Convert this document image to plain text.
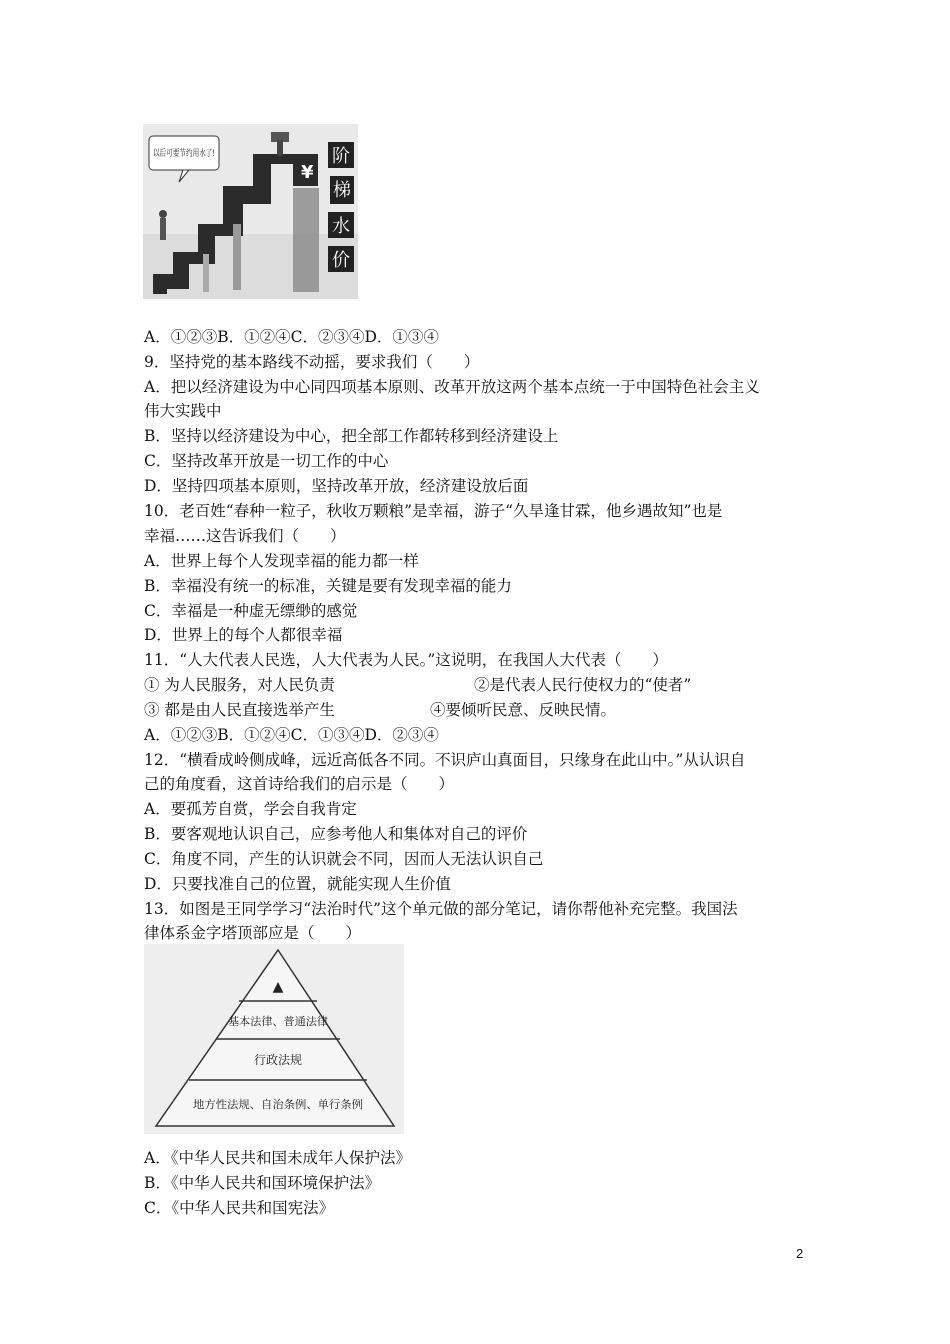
以后可要节约用水了!
¥
阶
梯
水
价
A．①②③B．①②④C．②③④D．①③④
9．坚持党的基本路线不动摇，要求我们（　　）
A．把以经济建设为中心同四项基本原则、改革开放这两个基本点统一于中国特色社会主义
伟大实践中
B．坚持以经济建设为中心，把全部工作都转移到经济建设上
C．坚持改革开放是一切工作的中心
D．坚持四项基本原则，坚持改革开放，经济建设放后面
10．老百姓“春种一粒子，秋收万颗粮”是幸福，游子“久旱逢甘霖，他乡遇故知”也是
幸福……这告诉我们（　　）
A．世界上每个人发现幸福的能力都一样
B．幸福没有统一的标准，关键是要有发现幸福的能力
C．幸福是一种虚无缥缈的感觉
D．世界上的每个人都很幸福
11．“人大代表人民选，人大代表为人民。”这说明，在我国人大代表（　　）
① 为人民服务，对人民负责	②是代表人民行使权力的“使者”
③ 都是由人民直接选举产生	④要倾听民意、反映民情。
A．①②③B．①②④C．①③④D．②③④
12．“横看成岭侧成峰，远近高低各不同。不识庐山真面目，只缘身在此山中。”从认识自
己的角度看，这首诗给我们的启示是（　　）
A．要孤芳自赏，学会自我肯定
B．要客观地认识自己，应参考他人和集体对自己的评价
C．角度不同，产生的认识就会不同，因而人无法认识自己
D．只要找准自己的位置，就能实现人生价值
13．如图是王同学学习“法治时代”这个单元做的部分笔记，请你帮他补充完整。我国法
律体系金字塔顶部应是（　　）
▲
基本法律、普通法律
行政法规
地方性法规、自治条例、单行条例
A．《中华人民共和国未成年人保护法》
B．《中华人民共和国环境保护法》
C．《中华人民共和国宪法》
2
